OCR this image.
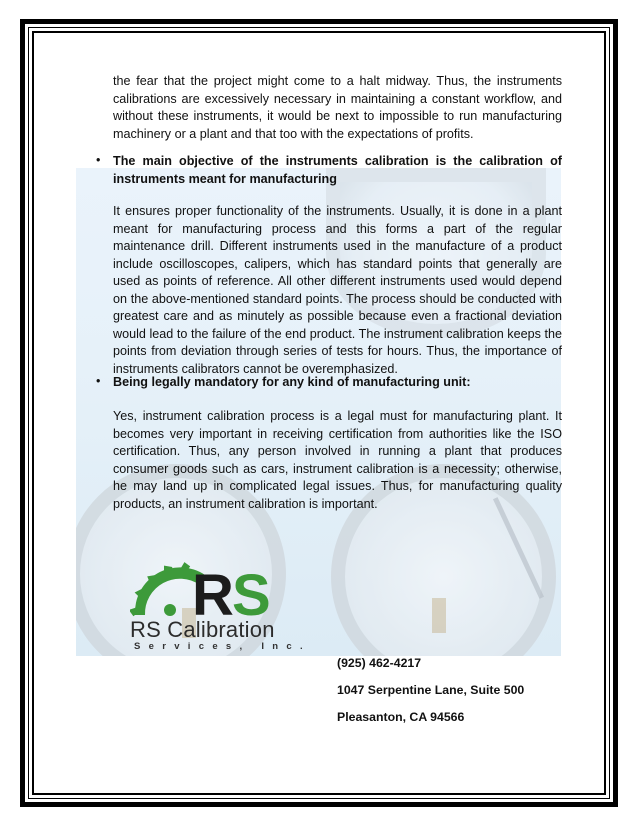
the fear that the project might come to a halt midway. Thus, the instruments calibrations are excessively necessary in maintaining a constant workflow, and without these instruments, it would be next to impossible to run manufacturing machinery or a plant and that too with the expectations of profits.

• The main objective of the instruments calibration is the calibration of instruments meant for manufacturing

It ensures proper functionality of the instruments. Usually, it is done in a plant meant for manufacturing process and this forms a part of the regular maintenance drill. Different instruments used in the manufacture of a product include oscilloscopes, calipers, which has standard points that generally are used as points of reference. All other different instruments used would depend on the above-mentioned standard points. The process should be conducted with greatest care and as minutely as possible because even a fractional deviation would lead to the failure of the end product. The instrument calibration keeps the points from deviation through series of tests for hours. Thus, the importance of instruments calibrators cannot be overemphasized.

• Being legally mandatory for any kind of manufacturing unit:

Yes, instrument calibration process is a legal must for manufacturing plant. It becomes very important in receiving certification from authorities like the ISO certification. Thus, any person involved in running a plant that produces consumer goods such as cars, instrument calibration is a necessity; otherwise, he may land up in complicated legal issues. Thus, for manufacturing quality products, an instrument calibration is important.

R S
RS Calibration
Services, Inc.
(925) 462-4217
1047 Serpentine Lane, Suite 500
Pleasanton, CA 94566
